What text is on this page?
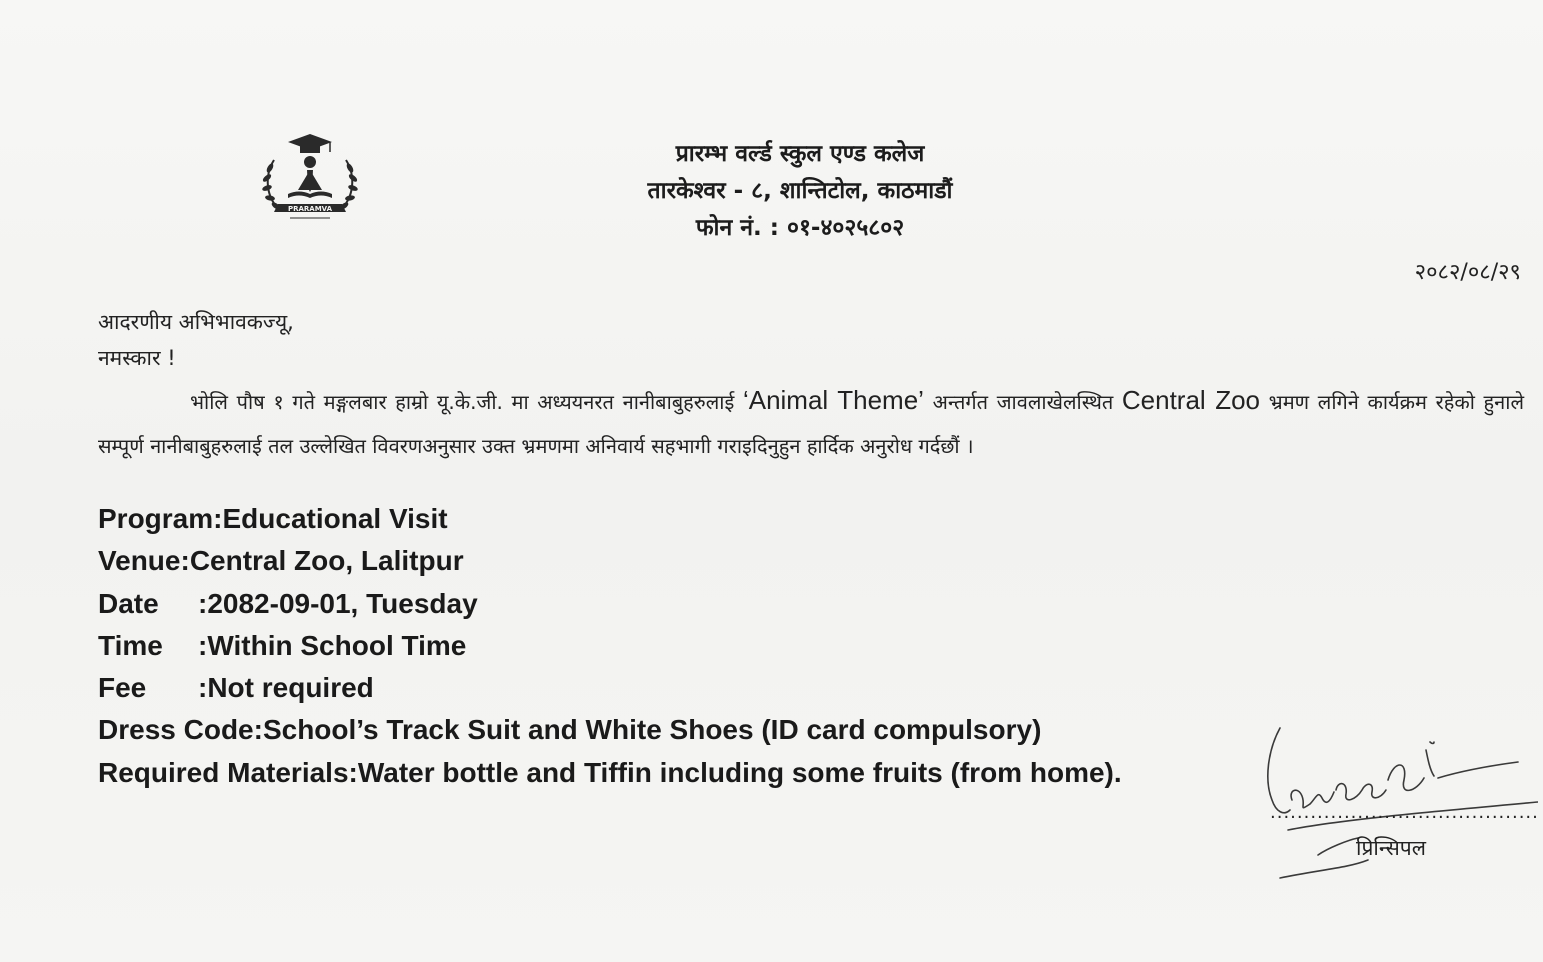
PRARAMVA
प्रारम्भ वर्ल्ड स्कुल एण्ड कलेज
तारकेश्वर - ८, शान्तिटोल, काठमाडौं
फोन नं. : ०१-४०२५८०२
२०८२/०८/२९
आदरणीय अभिभावकज्यू,
नमस्कार !
भोलि पौष १ गते मङ्गलबार हाम्रो यू.के.जी. मा अध्ययनरत नानीबाबुहरुलाई ‘Animal Theme’ अन्तर्गत जावलाखेलस्थित Central Zoo भ्रमण लगिने कार्यक्रम रहेको हुनाले सम्पूर्ण नानीबाबुहरुलाई तल उल्लेखित विवरणअनुसार उक्त भ्रमणमा अनिवार्य सहभागी गराइदिनुहुन हार्दिक अनुरोध गर्दछौं ।
Program : Educational Visit
Venue : Central Zoo, Lalitpur
Date	: 2082-09-01, Tuesday
Time	: Within School Time
Fee	: Not required
Dress Code : School’s Track Suit and White Shoes (ID card compulsory)
Required Materials : Water bottle and Tiffin including some fruits (from home).
........................................
प्रिन्सिपल
